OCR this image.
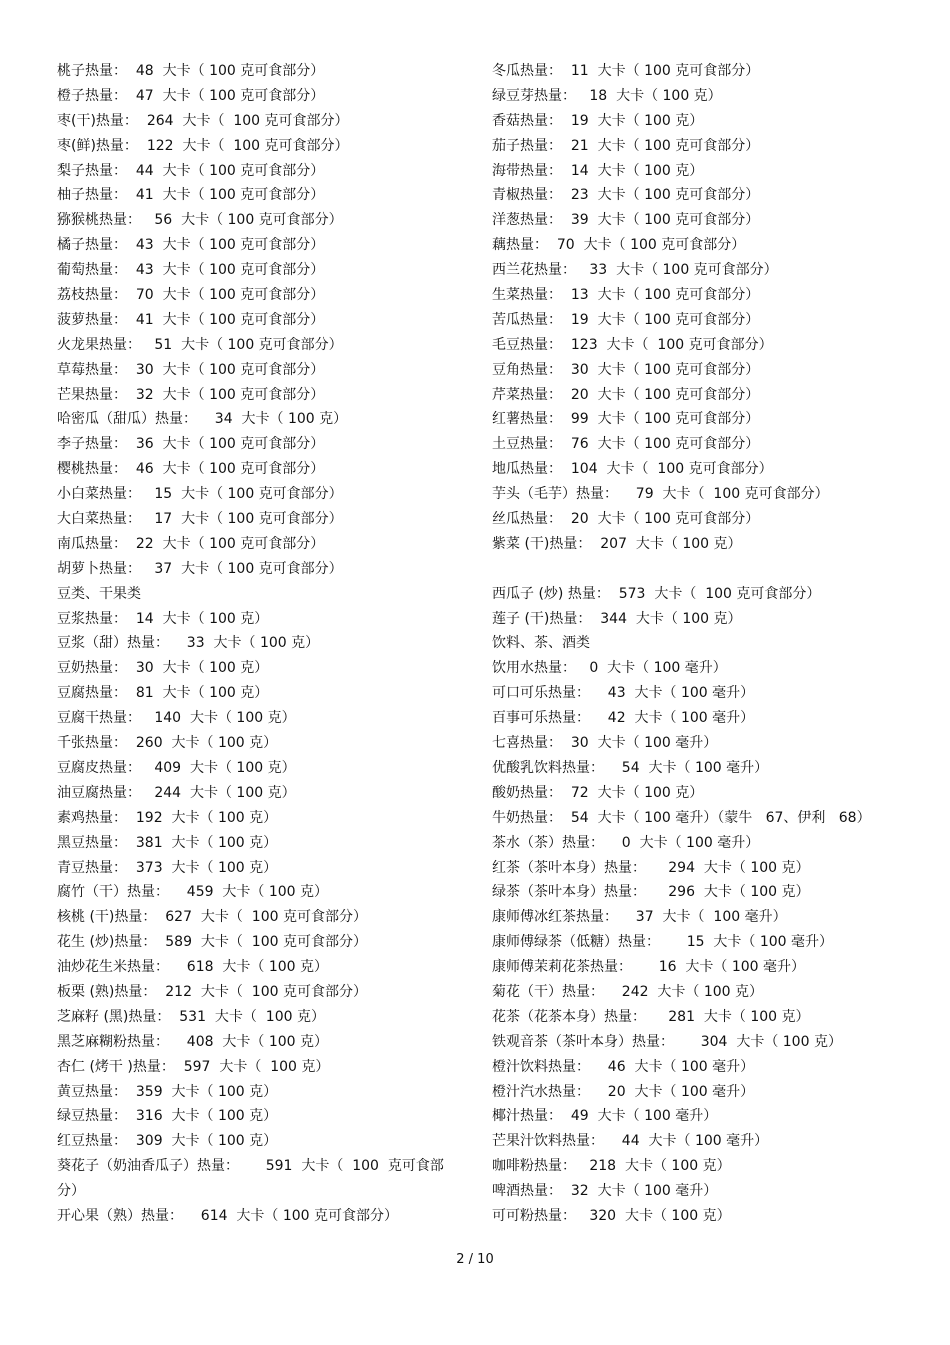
桃子热量：  48  大卡（ 100 克可食部分）
橙子热量：  47  大卡（ 100 克可食部分）
枣(干)热量：  264  大卡（  100 克可食部分）
枣(鲜)热量：  122  大卡（  100 克可食部分）
梨子热量：  44  大卡（ 100 克可食部分）
柚子热量：  41  大卡（ 100 克可食部分）
猕猴桃热量：   56  大卡（ 100 克可食部分）
橘子热量：  43  大卡（ 100 克可食部分）
葡萄热量：  43  大卡（ 100 克可食部分）
荔枝热量：  70  大卡（ 100 克可食部分）
菠萝热量：  41  大卡（ 100 克可食部分）
火龙果热量：   51  大卡（ 100 克可食部分）
草莓热量：  30  大卡（ 100 克可食部分）
芒果热量：  32  大卡（ 100 克可食部分）
哈密瓜（甜瓜）热量：    34  大卡（ 100 克）
李子热量：  36  大卡（ 100 克可食部分）
樱桃热量：  46  大卡（ 100 克可食部分）
小白菜热量：   15  大卡（ 100 克可食部分）
大白菜热量：   17  大卡（ 100 克可食部分）
南瓜热量：  22  大卡（ 100 克可食部分）
胡萝卜热量：   37  大卡（ 100 克可食部分）
豆类、干果类
豆浆热量：  14  大卡（ 100 克）
豆浆（甜）热量：    33  大卡（ 100 克）
豆奶热量：  30  大卡（ 100 克）
豆腐热量：  81  大卡（ 100 克）
豆腐干热量：   140  大卡（ 100 克）
千张热量：  260  大卡（ 100 克）
豆腐皮热量：   409  大卡（ 100 克）
油豆腐热量：   244  大卡（ 100 克）
素鸡热量：  192  大卡（ 100 克）
黑豆热量：  381  大卡（ 100 克）
青豆热量：  373  大卡（ 100 克）
腐竹（干）热量：    459  大卡（ 100 克）
核桃 (干)热量：  627  大卡（  100 克可食部分）
花生 (炒)热量：  589  大卡（  100 克可食部分）
油炒花生米热量：    618  大卡（ 100 克）
板栗 (熟)热量：  212  大卡（  100 克可食部分）
芝麻籽 (黑)热量：  531  大卡（  100 克）
黑芝麻糊粉热量：    408  大卡（ 100 克）
杏仁 (烤干 )热量：  597  大卡（  100 克）
黄豆热量：  359  大卡（ 100 克）
绿豆热量：  316  大卡（ 100 克）
红豆热量：  309  大卡（ 100 克）
葵花子（奶油香瓜子）热量：      591  大卡（  100  克可食部分）
开心果（熟）热量：    614  大卡（ 100 克可食部分）
冬瓜热量：  11  大卡（ 100 克可食部分）
绿豆芽热量：   18  大卡（ 100 克）
香菇热量：  19  大卡（ 100 克）
茄子热量：  21  大卡（ 100 克可食部分）
海带热量：  14  大卡（ 100 克）
青椒热量：  23  大卡（ 100 克可食部分）
洋葱热量：  39  大卡（ 100 克可食部分）
藕热量：  70  大卡（ 100 克可食部分）
西兰花热量：   33  大卡（ 100 克可食部分）
生菜热量：  13  大卡（ 100 克可食部分）
苦瓜热量：  19  大卡（ 100 克可食部分）
毛豆热量：  123  大卡（  100 克可食部分）
豆角热量：  30  大卡（ 100 克可食部分）
芹菜热量：  20  大卡（ 100 克可食部分）
红薯热量：  99  大卡（ 100 克可食部分）
土豆热量：  76  大卡（ 100 克可食部分）
地瓜热量：  104  大卡（  100 克可食部分）
芋头（毛芋）热量：    79  大卡（  100 克可食部分）
丝瓜热量：  20  大卡（ 100 克可食部分）
紫菜 (干)热量：  207  大卡（ 100 克）
西瓜子 (炒) 热量：  573  大卡（  100 克可食部分）
莲子 (干)热量：  344  大卡（ 100 克）
饮料、茶、酒类
饮用水热量：   0  大卡（ 100 毫升）
可口可乐热量：    43  大卡（ 100 毫升）
百事可乐热量：    42  大卡（ 100 毫升）
七喜热量：  30  大卡（ 100 毫升）
优酸乳饮料热量：    54  大卡（ 100 毫升）
酸奶热量：  72  大卡（ 100 克）
牛奶热量：  54  大卡（ 100 毫升）（蒙牛   67、伊利   68）
茶水（茶）热量：    0  大卡（ 100 毫升）
红茶（茶叶本身）热量：     294  大卡（ 100 克）
绿茶（茶叶本身）热量：     296  大卡（ 100 克）
康师傅冰红茶热量：    37  大卡（  100 毫升）
康师傅绿茶（低糖）热量：      15  大卡（ 100 毫升）
康师傅茉莉花茶热量：      16  大卡（ 100 毫升）
菊花（干）热量：    242  大卡（ 100 克）
花茶（花茶本身）热量：     281  大卡（ 100 克）
铁观音茶（茶叶本身）热量：      304  大卡（ 100 克）
橙汁饮料热量：    46  大卡（ 100 毫升）
橙汁汽水热量：    20  大卡（ 100 毫升）
椰汁热量：  49  大卡（ 100 毫升）
芒果汁饮料热量：    44  大卡（ 100 毫升）
咖啡粉热量：   218  大卡（ 100 克）
啤酒热量：  32  大卡（ 100 毫升）
可可粉热量：   320  大卡（ 100 克）
2 / 10
